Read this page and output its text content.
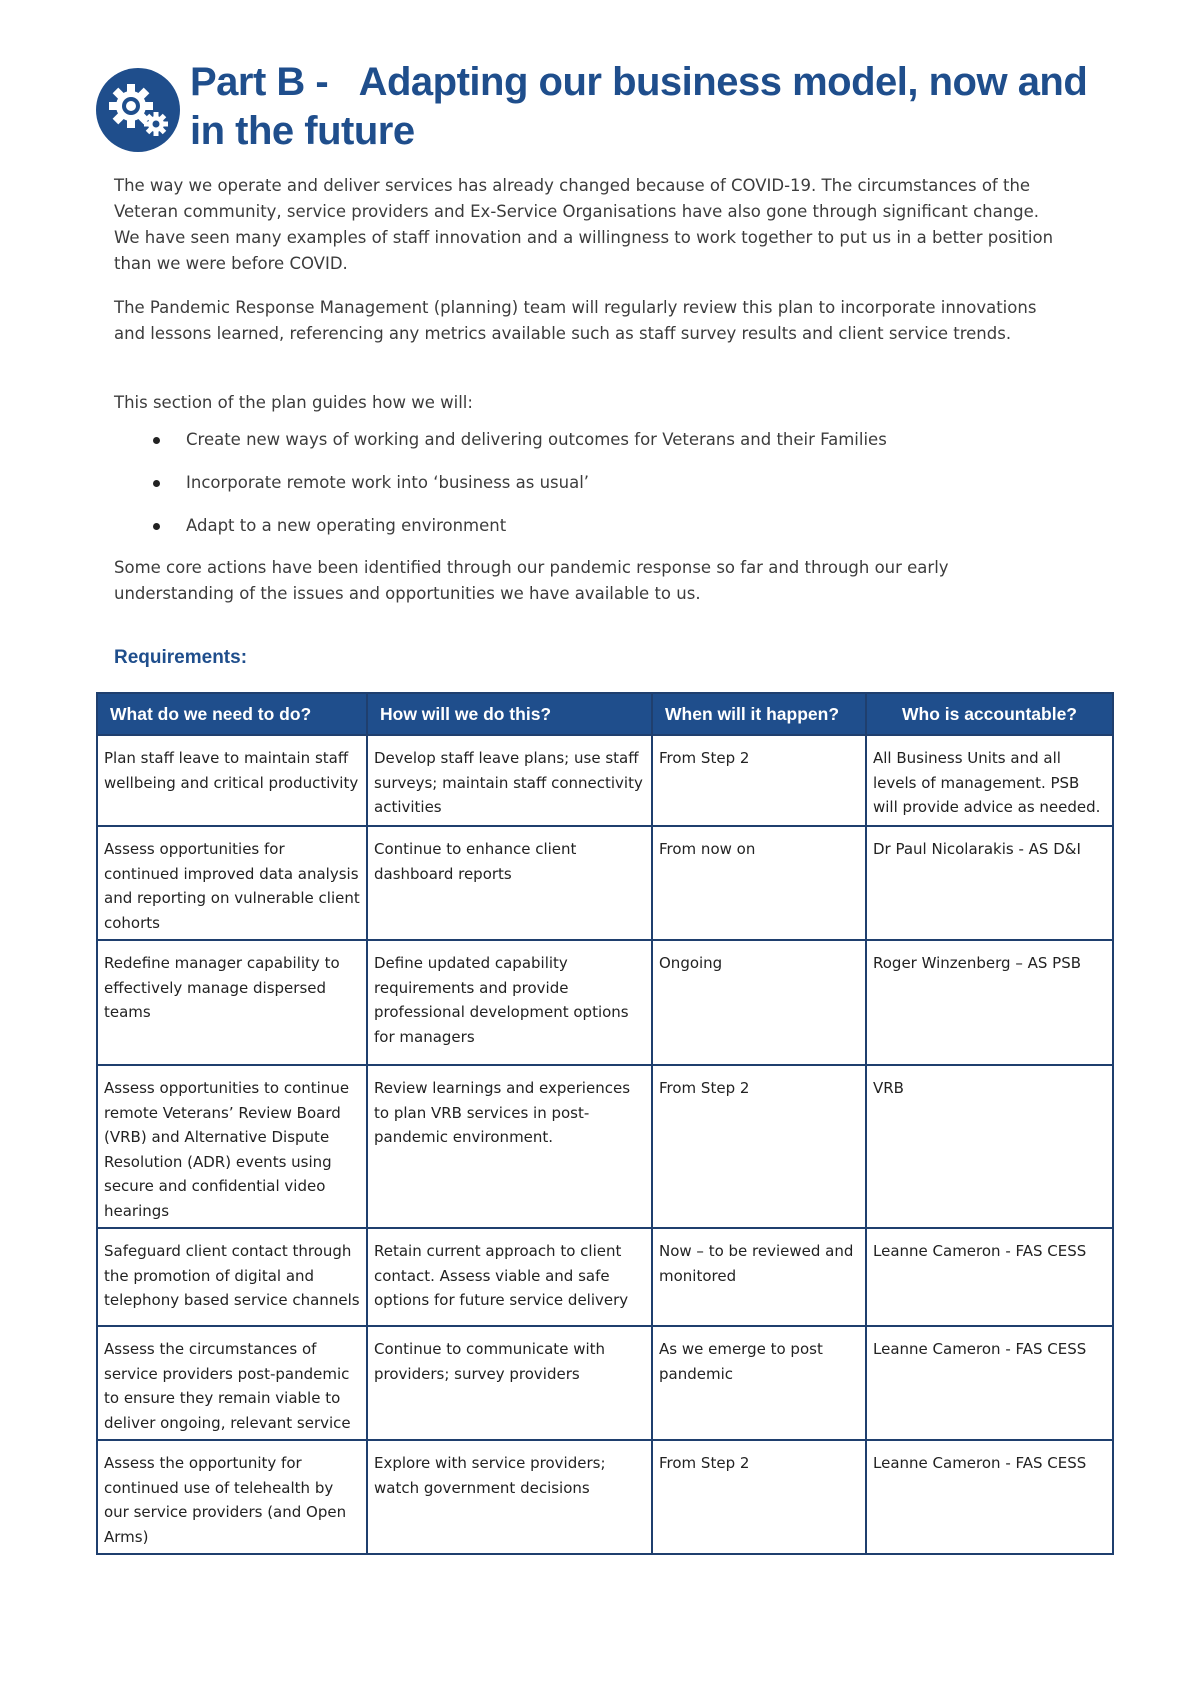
Part B -   Adapting our business model, now and
in the future

The way we operate and deliver services has already changed because of COVID-19. The circumstances of the Veteran community, service providers and Ex-Service Organisations have also gone through significant change. We have seen many examples of staff innovation and a willingness to work together to put us in a better position than we were before COVID.

The Pandemic Response Management (planning) team will regularly review this plan to incorporate innovations and lessons learned, referencing any metrics available such as staff survey results and client service trends.

This section of the plan guides how we will:

Create new ways of working and delivering outcomes for Veterans and their Families
Incorporate remote work into ‘business as usual’
Adapt to a new operating environment

Some core actions have been identified through our pandemic response so far and through our early understanding of the issues and opportunities we have available to us.

Requirements:
What do we need to do?	How will we do this?	When will it happen?	Who is accountable?
Plan staff leave to maintain staff wellbeing and critical productivity	Develop staff leave plans; use staff surveys; maintain staff connectivity activities	From Step 2	All Business Units and all levels of management. PSB will provide advice as needed.
Assess opportunities for continued improved data analysis and reporting on vulnerable client cohorts	Continue to enhance client dashboard reports	From now on	Dr Paul Nicolarakis - AS D&I
Redefine manager capability to effectively manage dispersed teams	Define updated capability requirements and provide professional development options for managers	Ongoing	Roger Winzenberg – AS PSB
Assess opportunities to continue remote Veterans’ Review Board (VRB) and Alternative Dispute Resolution (ADR) events using secure and confidential video hearings	Review learnings and experiences to plan VRB services in post-pandemic environment.	From Step 2	VRB
Safeguard client contact through the promotion of digital and telephony based service channels	Retain current approach to client contact. Assess viable and safe options for future service delivery	Now – to be reviewed and monitored	Leanne Cameron - FAS CESS
Assess the circumstances of service providers post-pandemic to ensure they remain viable to deliver ongoing, relevant service	Continue to communicate with providers; survey providers	As we emerge to post pandemic	Leanne Cameron - FAS CESS
Assess the opportunity for continued use of telehealth by our service providers (and Open Arms)	Explore with service providers; watch government decisions	From Step 2	Leanne Cameron - FAS CESS
